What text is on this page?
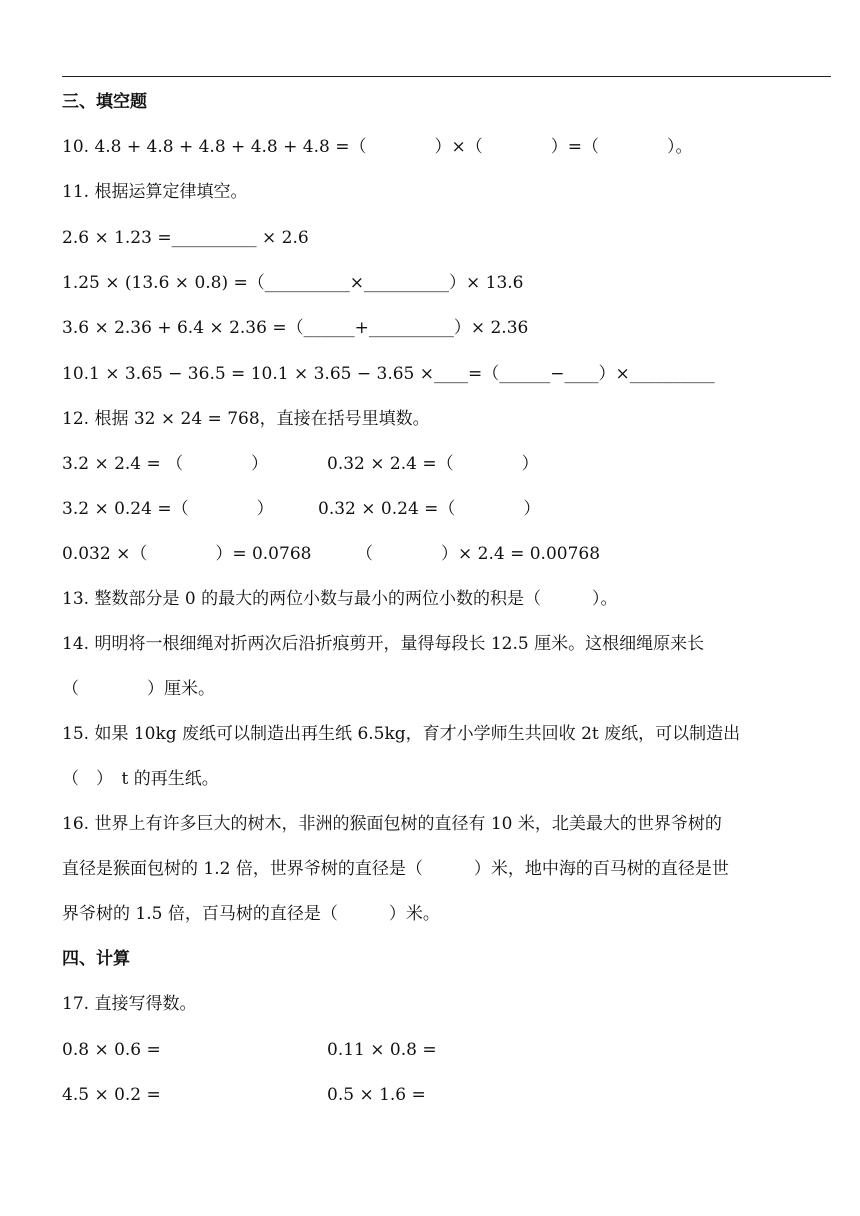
三、填空题
10. 4.8 + 4.8 + 4.8 + 4.8 + 4.8 =（　　　　）×（　　　　）=（　　　　）。
11. 根据运算定律填空。
2.6 × 1.23 =__________ × 2.6
1.25 × (13.6 × 0.8) =（__________×__________）× 13.6
3.6 × 2.36 + 6.4 × 2.36 =（______+__________）× 2.36
10.1 × 3.65 − 36.5 = 10.1 × 3.65 − 3.65 ×____=（______−____）×__________
12. 根据 32 × 24 = 768，直接在括号里填数。
3.2 × 2.4 = （　　　　）	0.32 × 2.4 =（　　　　）
3.2 × 0.24 =（　　　　）	0.32 × 0.24 =（　　　　）
0.032 ×（　　　　）= 0.0768	（　　　　）× 2.4 = 0.00768
13. 整数部分是 0 的最大的两位小数与最小的两位小数的积是（　　　）。
14. 明明将一根细绳对折两次后沿折痕剪开，量得每段长 12.5 厘米。这根细绳原来长
（　　　　）厘米。
15. 如果 10kg 废纸可以制造出再生纸 6.5kg，育才小学师生共回收 2t 废纸，可以制造出
（　）　t 的再生纸。
16. 世界上有许多巨大的树木，非洲的猴面包树的直径有 10 米，北美最大的世界爷树的
直径是猴面包树的 1.2 倍，世界爷树的直径是（　　　）米，地中海的百马树的直径是世
界爷树的 1.5 倍，百马树的直径是（　　　）米。
四、计算
17. 直接写得数。
0.8 × 0.6 =	0.11 × 0.8 =
4.5 × 0.2 =	0.5 × 1.6 =
